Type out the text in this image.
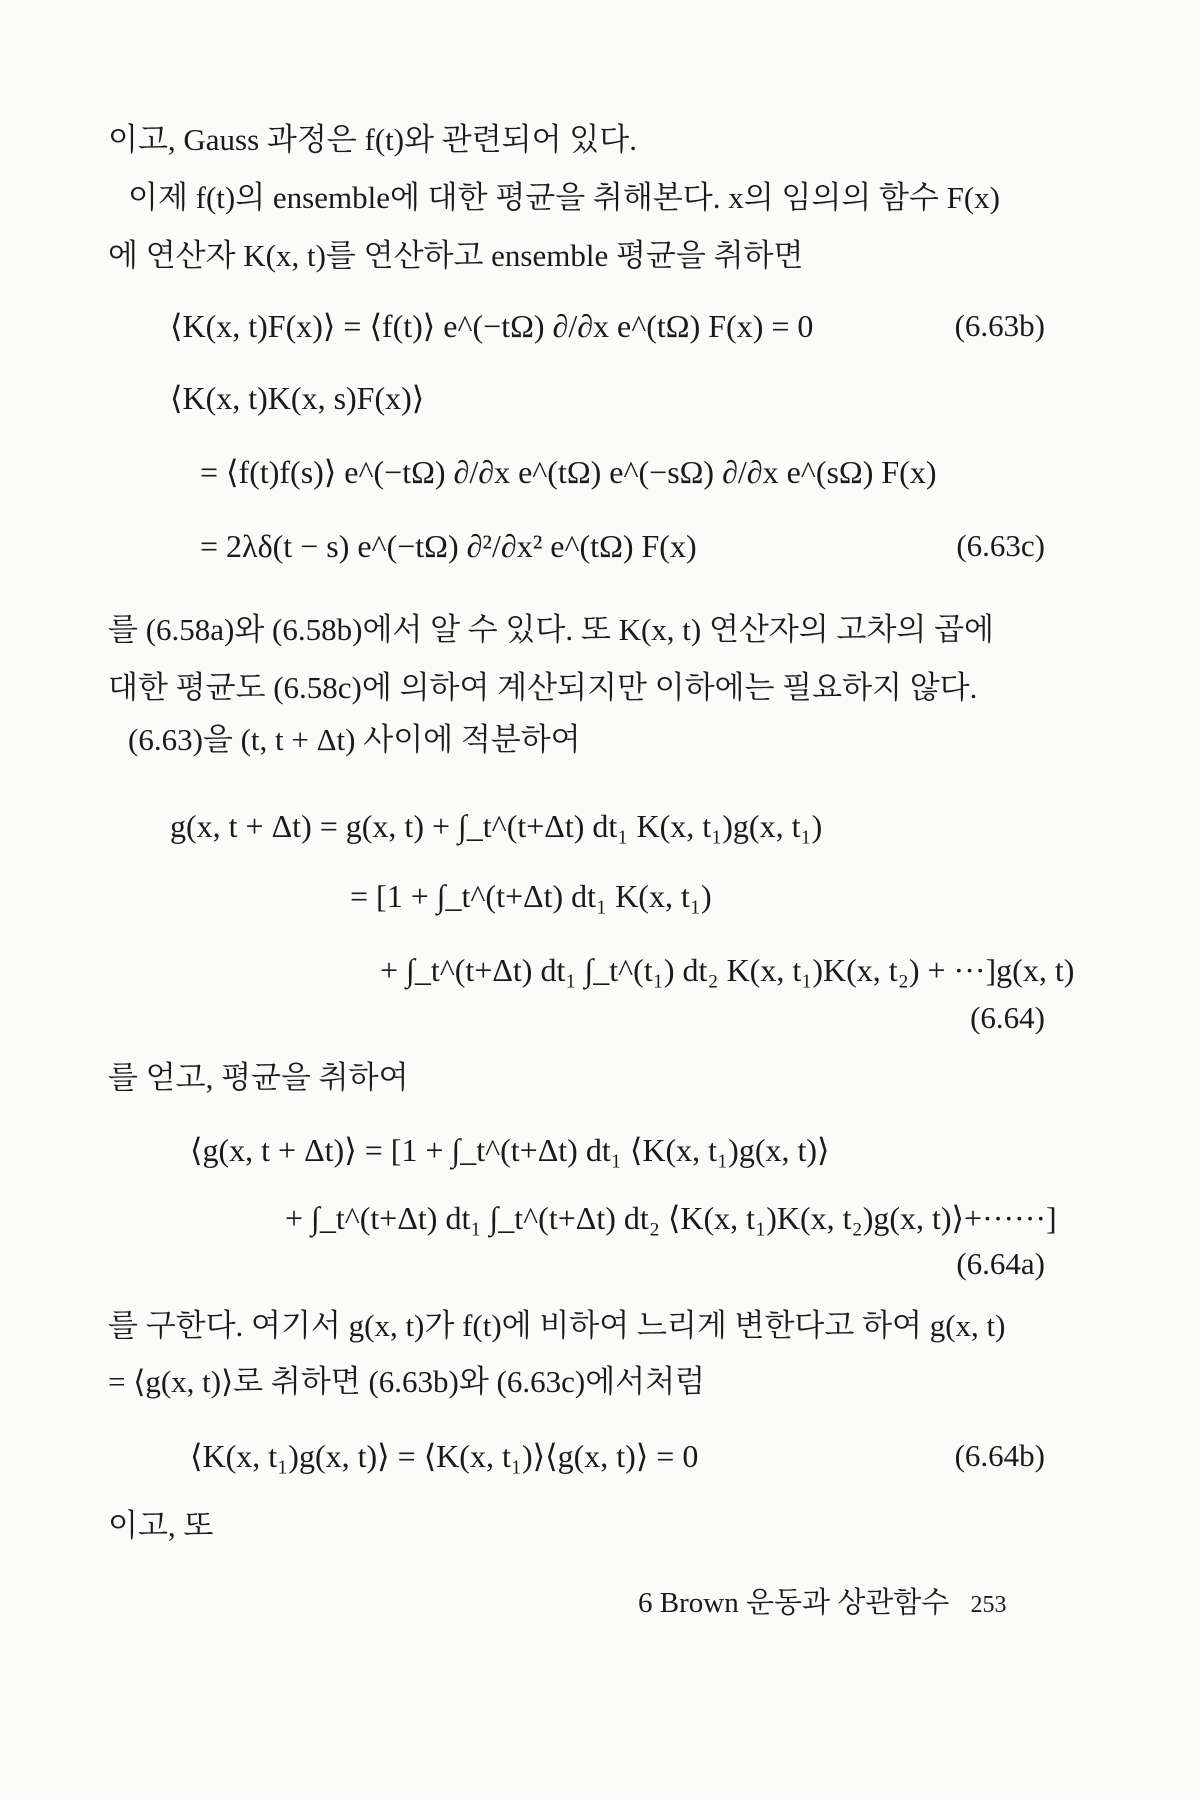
이고, Gauss 과정은 f(t)와 관련되어 있다.
이제 f(t)의 ensemble에 대한 평균을 취해본다. x의 임의의 함수 F(x)
에 연산자 K(x, t)를 연산하고 ensemble 평균을 취하면
⟨K(x, t)F(x)⟩ = ⟨f(t)⟩ e^(−tΩ) ∂/∂x e^(tΩ) F(x) = 0	(6.63b)
⟨K(x, t)K(x, s)F(x)⟩
= ⟨f(t)f(s)⟩ e^(−tΩ) ∂/∂x e^(tΩ) e^(−sΩ) ∂/∂x e^(sΩ) F(x)
= 2λδ(t − s) e^(−tΩ) ∂²/∂x² e^(tΩ) F(x)	(6.63c)
를 (6.58a)와 (6.58b)에서 알 수 있다. 또 K(x, t) 연산자의 고차의 곱에
대한 평균도 (6.58c)에 의하여 계산되지만 이하에는 필요하지 않다.
(6.63)을 (t, t + Δt) 사이에 적분하여
g(x, t + Δt) = g(x, t) + ∫_t^(t+Δt) dt₁ K(x, t₁)g(x, t₁)
= [1 + ∫_t^(t+Δt) dt₁ K(x, t₁)
+ ∫_t^(t+Δt) dt₁ ∫_t^(t₁) dt₂ K(x, t₁)K(x, t₂) + ···]g(x, t)
(6.64)
를 얻고, 평균을 취하여
⟨g(x, t + Δt)⟩ = [1 + ∫_t^(t+Δt) dt₁ ⟨K(x, t₁)g(x, t)⟩
+ ∫_t^(t+Δt) dt₁ ∫_t^(t+Δt) dt₂ ⟨K(x, t₁)K(x, t₂)g(x, t)⟩+······]
(6.64a)
를 구한다. 여기서 g(x, t)가 f(t)에 비하여 느리게 변한다고 하여 g(x, t)
= ⟨g(x, t)⟩로 취하면 (6.63b)와 (6.63c)에서처럼
⟨K(x, t₁)g(x, t)⟩ = ⟨K(x, t₁)⟩⟨g(x, t)⟩ = 0	(6.64b)
이고, 또
6 Brown 운동과 상관함수 253
